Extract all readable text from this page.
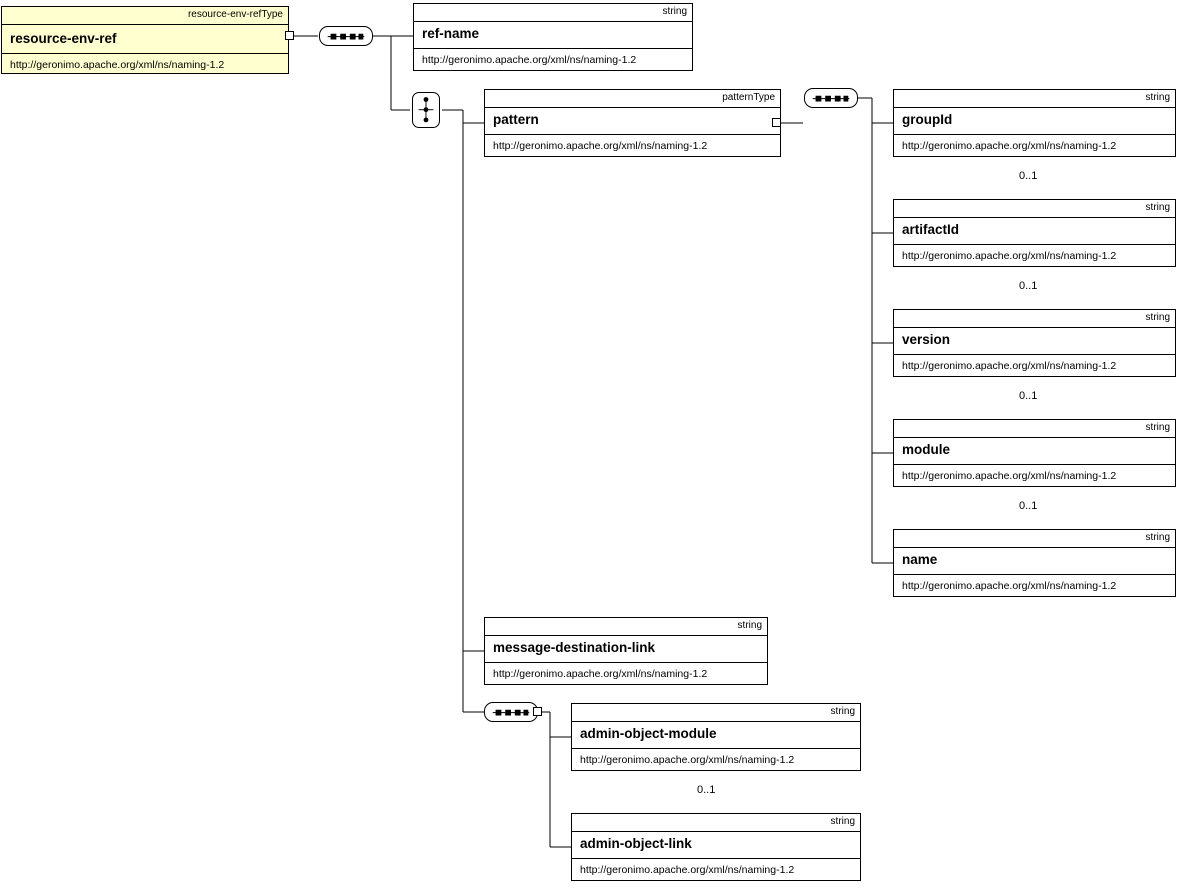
resource-env-refType
resource-env-ref
http://geronimo.apache.org/xml/ns/naming-1.2
string
ref-name
http://geronimo.apache.org/xml/ns/naming-1.2
patternType
pattern
http://geronimo.apache.org/xml/ns/naming-1.2
string
groupId
http://geronimo.apache.org/xml/ns/naming-1.2
0..1
string
artifactId
http://geronimo.apache.org/xml/ns/naming-1.2
0..1
string
version
http://geronimo.apache.org/xml/ns/naming-1.2
0..1
string
module
http://geronimo.apache.org/xml/ns/naming-1.2
0..1
string
name
http://geronimo.apache.org/xml/ns/naming-1.2
string
message-destination-link
http://geronimo.apache.org/xml/ns/naming-1.2
string
admin-object-module
http://geronimo.apache.org/xml/ns/naming-1.2
0..1
string
admin-object-link
http://geronimo.apache.org/xml/ns/naming-1.2
